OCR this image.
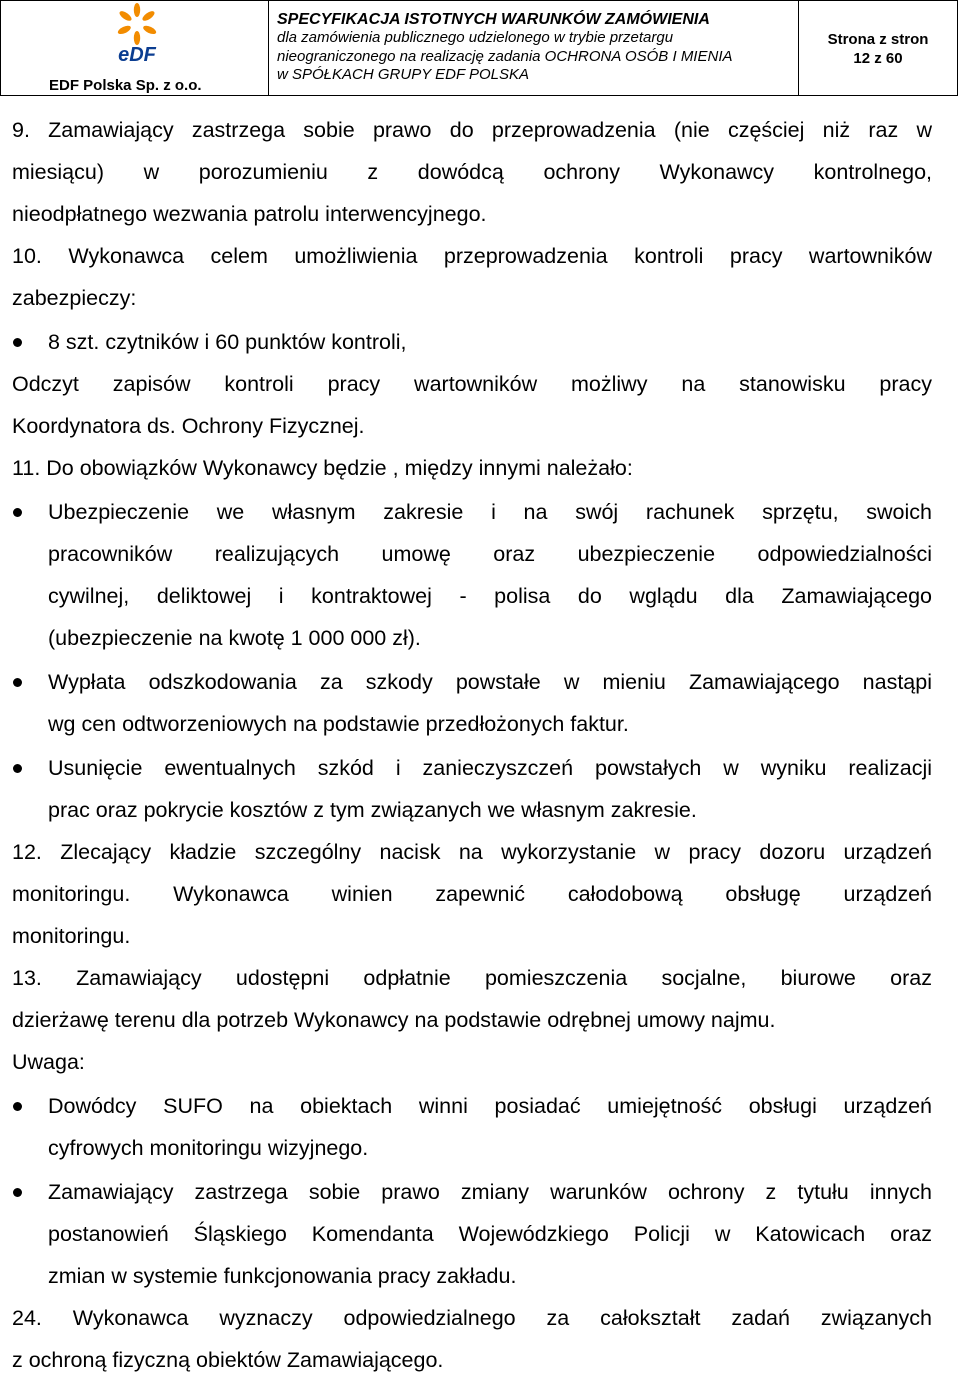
eDF
EDF Polska Sp. z o.o.
SPECYFIKACJA ISTOTNYCH WARUNKÓW ZAMÓWIENIA
dla zamówienia publicznego udzielonego w trybie przetargu
nieograniczonego na realizację zadania OCHRONA OSÓB I MIENIA
w SPÓŁKACH GRUPY EDF POLSKA
Strona z stron
12 z 60
9. Zamawiający zastrzega sobie prawo do przeprowadzenia (nie częściej niż raz w
miesiącu) w porozumieniu z dowódcą ochrony Wykonawcy kontrolnego,
nieodpłatnego wezwania patrolu interwencyjnego.
10. Wykonawca celem umożliwienia przeprowadzenia kontroli pracy wartowników
zabezpieczy:
8 szt. czytników i 60 punktów kontroli,
Odczyt zapisów kontroli pracy wartowników możliwy na stanowisku pracy
Koordynatora ds. Ochrony Fizycznej.
11. Do obowiązków Wykonawcy będzie , między innymi należało:
Ubezpieczenie we własnym zakresie i na swój rachunek sprzętu, swoich
pracowników realizujących umowę oraz ubezpieczenie odpowiedzialności
cywilnej, deliktowej i kontraktowej - polisa do wglądu dla Zamawiającego
(ubezpieczenie na kwotę 1 000 000 zł).
Wypłata odszkodowania za szkody powstałe w mieniu Zamawiającego nastąpi
wg cen odtworzeniowych na podstawie przedłożonych faktur.
Usunięcie ewentualnych szkód i zanieczyszczeń powstałych w wyniku realizacji
prac oraz pokrycie kosztów z tym związanych we własnym zakresie.
12. Zlecający kładzie szczególny nacisk na wykorzystanie w pracy dozoru urządzeń
monitoringu. Wykonawca winien zapewnić całodobową obsługę urządzeń
monitoringu.
13. Zamawiający udostępni odpłatnie pomieszczenia socjalne, biurowe oraz
dzierżawę terenu dla potrzeb Wykonawcy na podstawie odrębnej umowy najmu.
Uwaga:
Dowódcy SUFO na obiektach winni posiadać umiejętność obsługi urządzeń
cyfrowych monitoringu wizyjnego.
Zamawiający zastrzega sobie prawo zmiany warunków ochrony z tytułu innych
postanowień Śląskiego Komendanta Wojewódzkiego Policji w Katowicach oraz
zmian w systemie funkcjonowania pracy zakładu.
24. Wykonawca wyznaczy odpowiedzialnego za całokształt zadań związanych
z ochroną fizyczną obiektów Zamawiającego.
